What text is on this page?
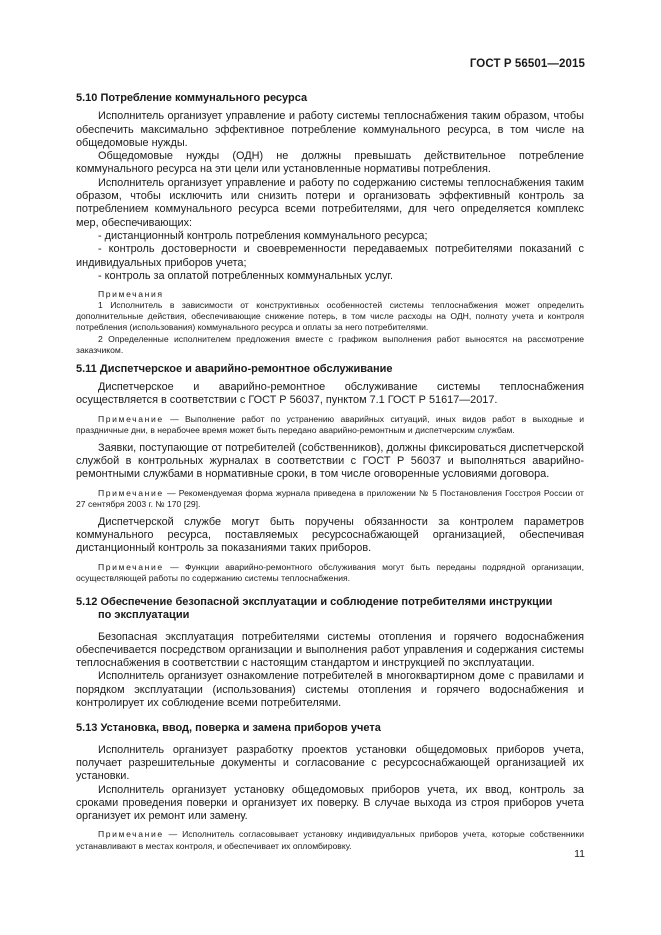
ГОСТ Р 56501—2015
5.10 Потребление коммунального ресурса

Исполнитель организует управление и работу системы теплоснабжения таким образом, чтобы обеспечить максимально эффективное потребление коммунального ресурса, в том числе на общедомовые нужды.

Общедомовые нужды (ОДН) не должны превышать действительное потребление коммунального ресурса на эти цели или установленные нормативы потребления.

Исполнитель организует управление и работу по содержанию системы теплоснабжения таким образом, чтобы исключить или снизить потери и организовать эффективный контроль за потреблением коммунального ресурса всеми потребителями, для чего определяется комплекс мер, обеспечивающих:

- дистанционный контроль потребления коммунального ресурса;

- контроль достоверности и своевременности передаваемых потребителями показаний с индивидуальных приборов учета;

- контроль за оплатой потребленных коммунальных услуг.

Примечания

1 Исполнитель в зависимости от конструктивных особенностей системы теплоснабжения может определить дополнительные действия, обеспечивающие снижение потерь, в том числе расходы на ОДН, полноту учета и контроля потребления (использования) коммунального ресурса и оплаты за него потребителями.

2 Определенные исполнителем предложения вместе с графиком выполнения работ выносятся на рассмотрение заказчиком.

5.11 Диспетчерское и аварийно-ремонтное обслуживание

Диспетчерское и аварийно-ремонтное обслуживание системы теплоснабжения осуществляется в соответствии с ГОСТ Р 56037, пунктом 7.1 ГОСТ Р 51617—2017.

Примечание — Выполнение работ по устранению аварийных ситуаций, иных видов работ в выходные и праздничные дни, в нерабочее время может быть передано аварийно-ремонтным и диспетчерским службам.

Заявки, поступающие от потребителей (собственников), должны фиксироваться диспетчерской службой в контрольных журналах в соответствии с ГОСТ Р 56037 и выполняться аварийно-ремонтными службами в нормативные сроки, в том числе оговоренные условиями договора.

Примечание — Рекомендуемая форма журнала приведена в приложении № 5 Постановления Госстроя России от 27 сентября 2003 г. № 170 [29].

Диспетчерской службе могут быть поручены обязанности за контролем параметров коммунального ресурса, поставляемых ресурсоснабжающей организацией, обеспечивая дистанционный контроль за показаниями таких приборов.

Примечание — Функции аварийно-ремонтного обслуживания могут быть переданы подрядной организации, осуществляющей работы по содержанию системы теплоснабжения.

5.12 Обеспечение безопасной эксплуатации и соблюдение потребителями инструкции
по эксплуатации

Безопасная эксплуатация потребителями системы отопления и горячего водоснабжения обеспечивается посредством организации и выполнения работ управления и содержания системы теплоснабжения в соответствии с настоящим стандартом и инструкцией по эксплуатации.

Исполнитель организует ознакомление потребителей в многоквартирном доме с правилами и порядком эксплуатации (использования) системы отопления и горячего водоснабжения и контролирует их соблюдение всеми потребителями.

5.13 Установка, ввод, поверка и замена приборов учета

Исполнитель организует разработку проектов установки общедомовых приборов учета, получает разрешительные документы и согласование с ресурсоснабжающей организацией их установки.

Исполнитель организует установку общедомовых приборов учета, их ввод, контроль за сроками проведения поверки и организует их поверку. В случае выхода из строя приборов учета организует их ремонт или замену.

Примечание — Исполнитель согласовывает установку индивидуальных приборов учета, которые собственники устанавливают в местах контроля, и обеспечивает их опломбировку.

11
